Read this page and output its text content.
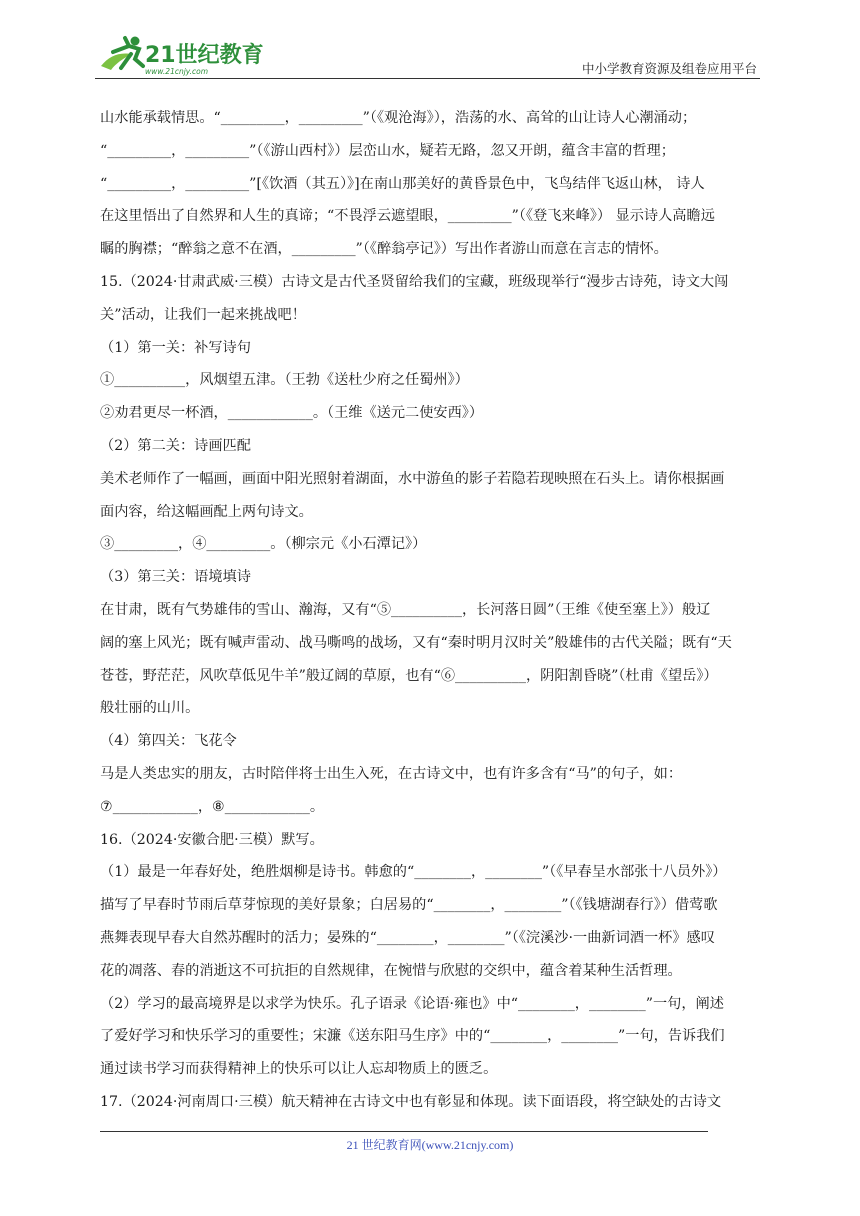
21世纪教育
www.21cnjy.com	中小学教育资源及组卷应用平台
山水能承载情思。“_________，_________”（《观沧海》），浩荡的水、高耸的山让诗人心潮涌动；
“_________，_________”（《游山西村》）层峦山水，疑若无路，忽又开朗，蕴含丰富的哲理；
“_________，_________”[《饮酒（其五）》]在南山那美好的黄昏景色中，飞鸟结伴飞返山林， 诗人
在这里悟出了自然界和人生的真谛；“不畏浮云遮望眼，_________”（《登飞来峰》） 显示诗人高瞻远
瞩的胸襟；“醉翁之意不在酒，_________”（《醉翁亭记》）写出作者游山而意在言志的情怀。
15.（2024·甘肃武威·三模）古诗文是古代圣贤留给我们的宝藏，班级现举行“漫步古诗苑，诗文大闯
关”活动，让我们一起来挑战吧！
（1）第一关：补写诗句
①__________，风烟望五津。（王勃《送杜少府之任蜀州》）
②劝君更尽一杯酒，____________。（王维《送元二使安西》）
（2）第二关：诗画匹配
美术老师作了一幅画，画面中阳光照射着湖面，水中游鱼的影子若隐若现映照在石头上。请你根据画
面内容，给这幅画配上两句诗文。
③_________，④_________。（柳宗元《小石潭记》）
（3）第三关：语境填诗
在甘肃，既有气势雄伟的雪山、瀚海，又有“⑤__________，长河落日圆”（王维《使至塞上》）般辽
阔的塞上风光；既有喊声雷动、战马嘶鸣的战场，又有“秦时明月汉时关”般雄伟的古代关隘；既有“天
苍苍，野茫茫，风吹草低见牛羊”般辽阔的草原，也有“⑥__________，阴阳割昏晓”（杜甫《望岳》）
般壮丽的山川。
（4）第四关：飞花令
马是人类忠实的朋友，古时陪伴将士出生入死，在古诗文中，也有许多含有“马”的句子，如：
⑦____________，⑧____________。
16.（2024·安徽合肥·三模）默写。
（1）最是一年春好处，绝胜烟柳是诗书。韩愈的“________，________”（《早春呈水部张十八员外》）
描写了早春时节雨后草芽惊现的美好景象；白居易的“________，________”（《钱塘湖春行》）借莺歌
燕舞表现早春大自然苏醒时的活力；晏殊的“________，________”（《浣溪沙·一曲新词酒一杯》感叹
花的凋落、春的消逝这不可抗拒的自然规律，在惋惜与欣慰的交织中，蕴含着某种生活哲理。
（2）学习的最高境界是以求学为快乐。孔子语录《论语·雍也》中“________，________”一句，阐述
了爱好学习和快乐学习的重要性；宋濂《送东阳马生序》中的“________，________”一句，告诉我们
通过读书学习而获得精神上的快乐可以让人忘却物质上的匮乏。
17.（2024·河南周口·三模）航天精神在古诗文中也有彰显和体现。读下面语段，将空缺处的古诗文
21 世纪教育网(www.21cnjy.com)
